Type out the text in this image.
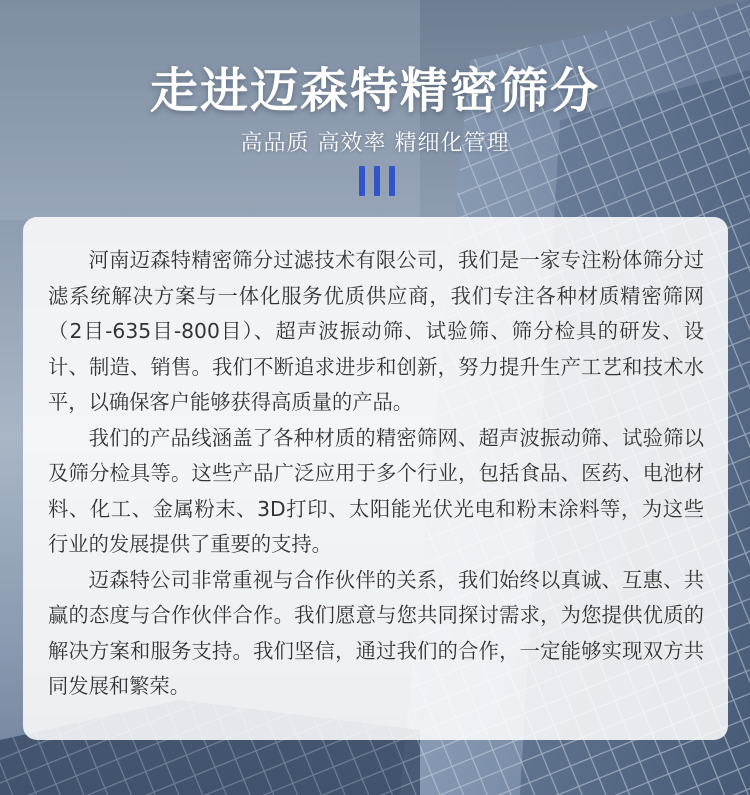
走进迈森特精密筛分
高品质 高效率 精细化管理

河南迈森特精密筛分过滤技术有限公司，我们是一家专注粉体筛分过滤系统解决方案与一体化服务优质供应商，我们专注各种材质精密筛网（2目-635目-800目）、超声波振动筛、试验筛、筛分检具的研发、设计、制造、销售。我们不断追求进步和创新，努力提升生产工艺和技术水平，以确保客户能够获得高质量的产品。

我们的产品线涵盖了各种材质的精密筛网、超声波振动筛、试验筛以及筛分检具等。这些产品广泛应用于多个行业，包括食品、医药、电池材料、化工、金属粉末、3D打印、太阳能光伏光电和粉末涂料等，为这些行业的发展提供了重要的支持。

迈森特公司非常重视与合作伙伴的关系，我们始终以真诚、互惠、共赢的态度与合作伙伴合作。我们愿意与您共同探讨需求，为您提供优质的解决方案和服务支持。我们坚信，通过我们的合作，一定能够实现双方共同发展和繁荣。
